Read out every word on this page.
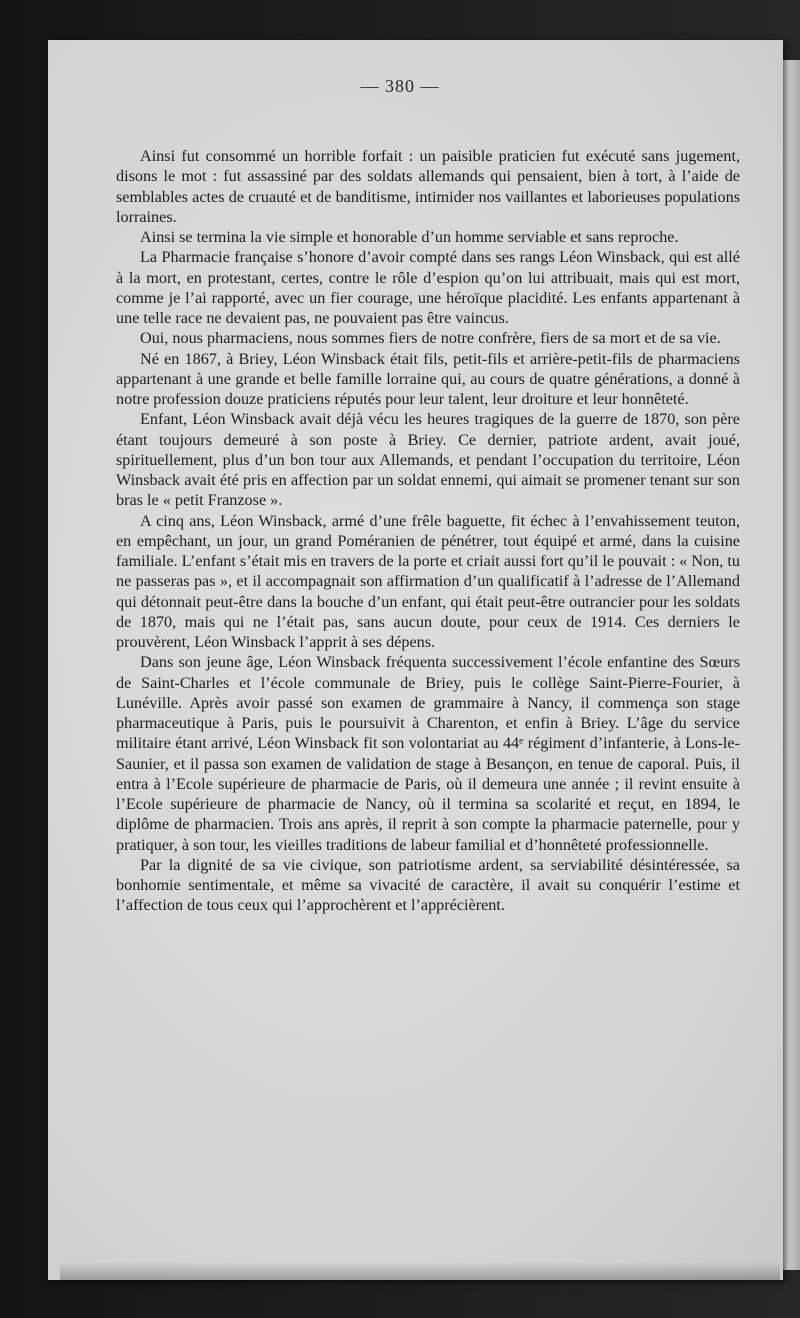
— 380 —

Ainsi fut consommé un horrible forfait : un paisible praticien fut exécuté sans jugement, disons le mot : fut assassiné par des soldats allemands qui pensaient, bien à tort, à l’aide de semblables actes de cruauté et de banditisme, intimider nos vaillantes et laborieuses populations lorraines.

Ainsi se termina la vie simple et honorable d’un homme serviable et sans reproche.

La Pharmacie française s’honore d’avoir compté dans ses rangs Léon Winsback, qui est allé à la mort, en protestant, certes, contre le rôle d’espion qu’on lui attribuait, mais qui est mort, comme je l’ai rapporté, avec un fier courage, une héroïque placidité. Les enfants appartenant à une telle race ne devaient pas, ne pouvaient pas être vaincus.

Oui, nous pharmaciens, nous sommes fiers de notre confrère, fiers de sa mort et de sa vie.

Né en 1867, à Briey, Léon Winsback était fils, petit-fils et arrière-petit-fils de pharmaciens appartenant à une grande et belle famille lorraine qui, au cours de quatre générations, a donné à notre profession douze praticiens réputés pour leur talent, leur droiture et leur honnêteté.

Enfant, Léon Winsback avait déjà vécu les heures tragiques de la guerre de 1870, son père étant toujours demeuré à son poste à Briey. Ce dernier, patriote ardent, avait joué, spirituellement, plus d’un bon tour aux Allemands, et pendant l’occupation du territoire, Léon Winsback avait été pris en affection par un soldat ennemi, qui aimait se promener tenant sur son bras le « petit Franzose ».

A cinq ans, Léon Winsback, armé d’une frêle baguette, fit échec à l’envahissement teuton, en empêchant, un jour, un grand Poméranien de pénétrer, tout équipé et armé, dans la cuisine familiale. L’enfant s’était mis en travers de la porte et criait aussi fort qu’il le pouvait : « Non, tu ne passeras pas », et il accompagnait son affirmation d’un qualificatif à l’adresse de l’Allemand qui détonnait peut-être dans la bouche d’un enfant, qui était peut-être outrancier pour les soldats de 1870, mais qui ne l’était pas, sans aucun doute, pour ceux de 1914. Ces derniers le prouvèrent, Léon Winsback l’apprit à ses dépens.

Dans son jeune âge, Léon Winsback fréquenta successivement l’école enfantine des Sœurs de Saint-Charles et l’école communale de Briey, puis le collège Saint-Pierre-Fourier, à Lunéville. Après avoir passé son examen de grammaire à Nancy, il commença son stage pharmaceutique à Paris, puis le poursuivit à Charenton, et enfin à Briey. L’âge du service militaire étant arrivé, Léon Winsback fit son volontariat au 44ᵉ régiment d’infanterie, à Lons-le-Saunier, et il passa son examen de validation de stage à Besançon, en tenue de caporal. Puis, il entra à l’Ecole supérieure de pharmacie de Paris, où il demeura une année ; il revint ensuite à l’Ecole supérieure de pharmacie de Nancy, où il termina sa scolarité et reçut, en 1894, le diplôme de pharmacien. Trois ans après, il reprit à son compte la pharmacie paternelle, pour y pratiquer, à son tour, les vieilles traditions de labeur familial et d’honnêteté professionnelle.

Par la dignité de sa vie civique, son patriotisme ardent, sa serviabilité désintéressée, sa bonhomie sentimentale, et même sa vivacité de caractère, il avait su conquérir l’estime et l’affection de tous ceux qui l’approchèrent et l’apprécièrent.
